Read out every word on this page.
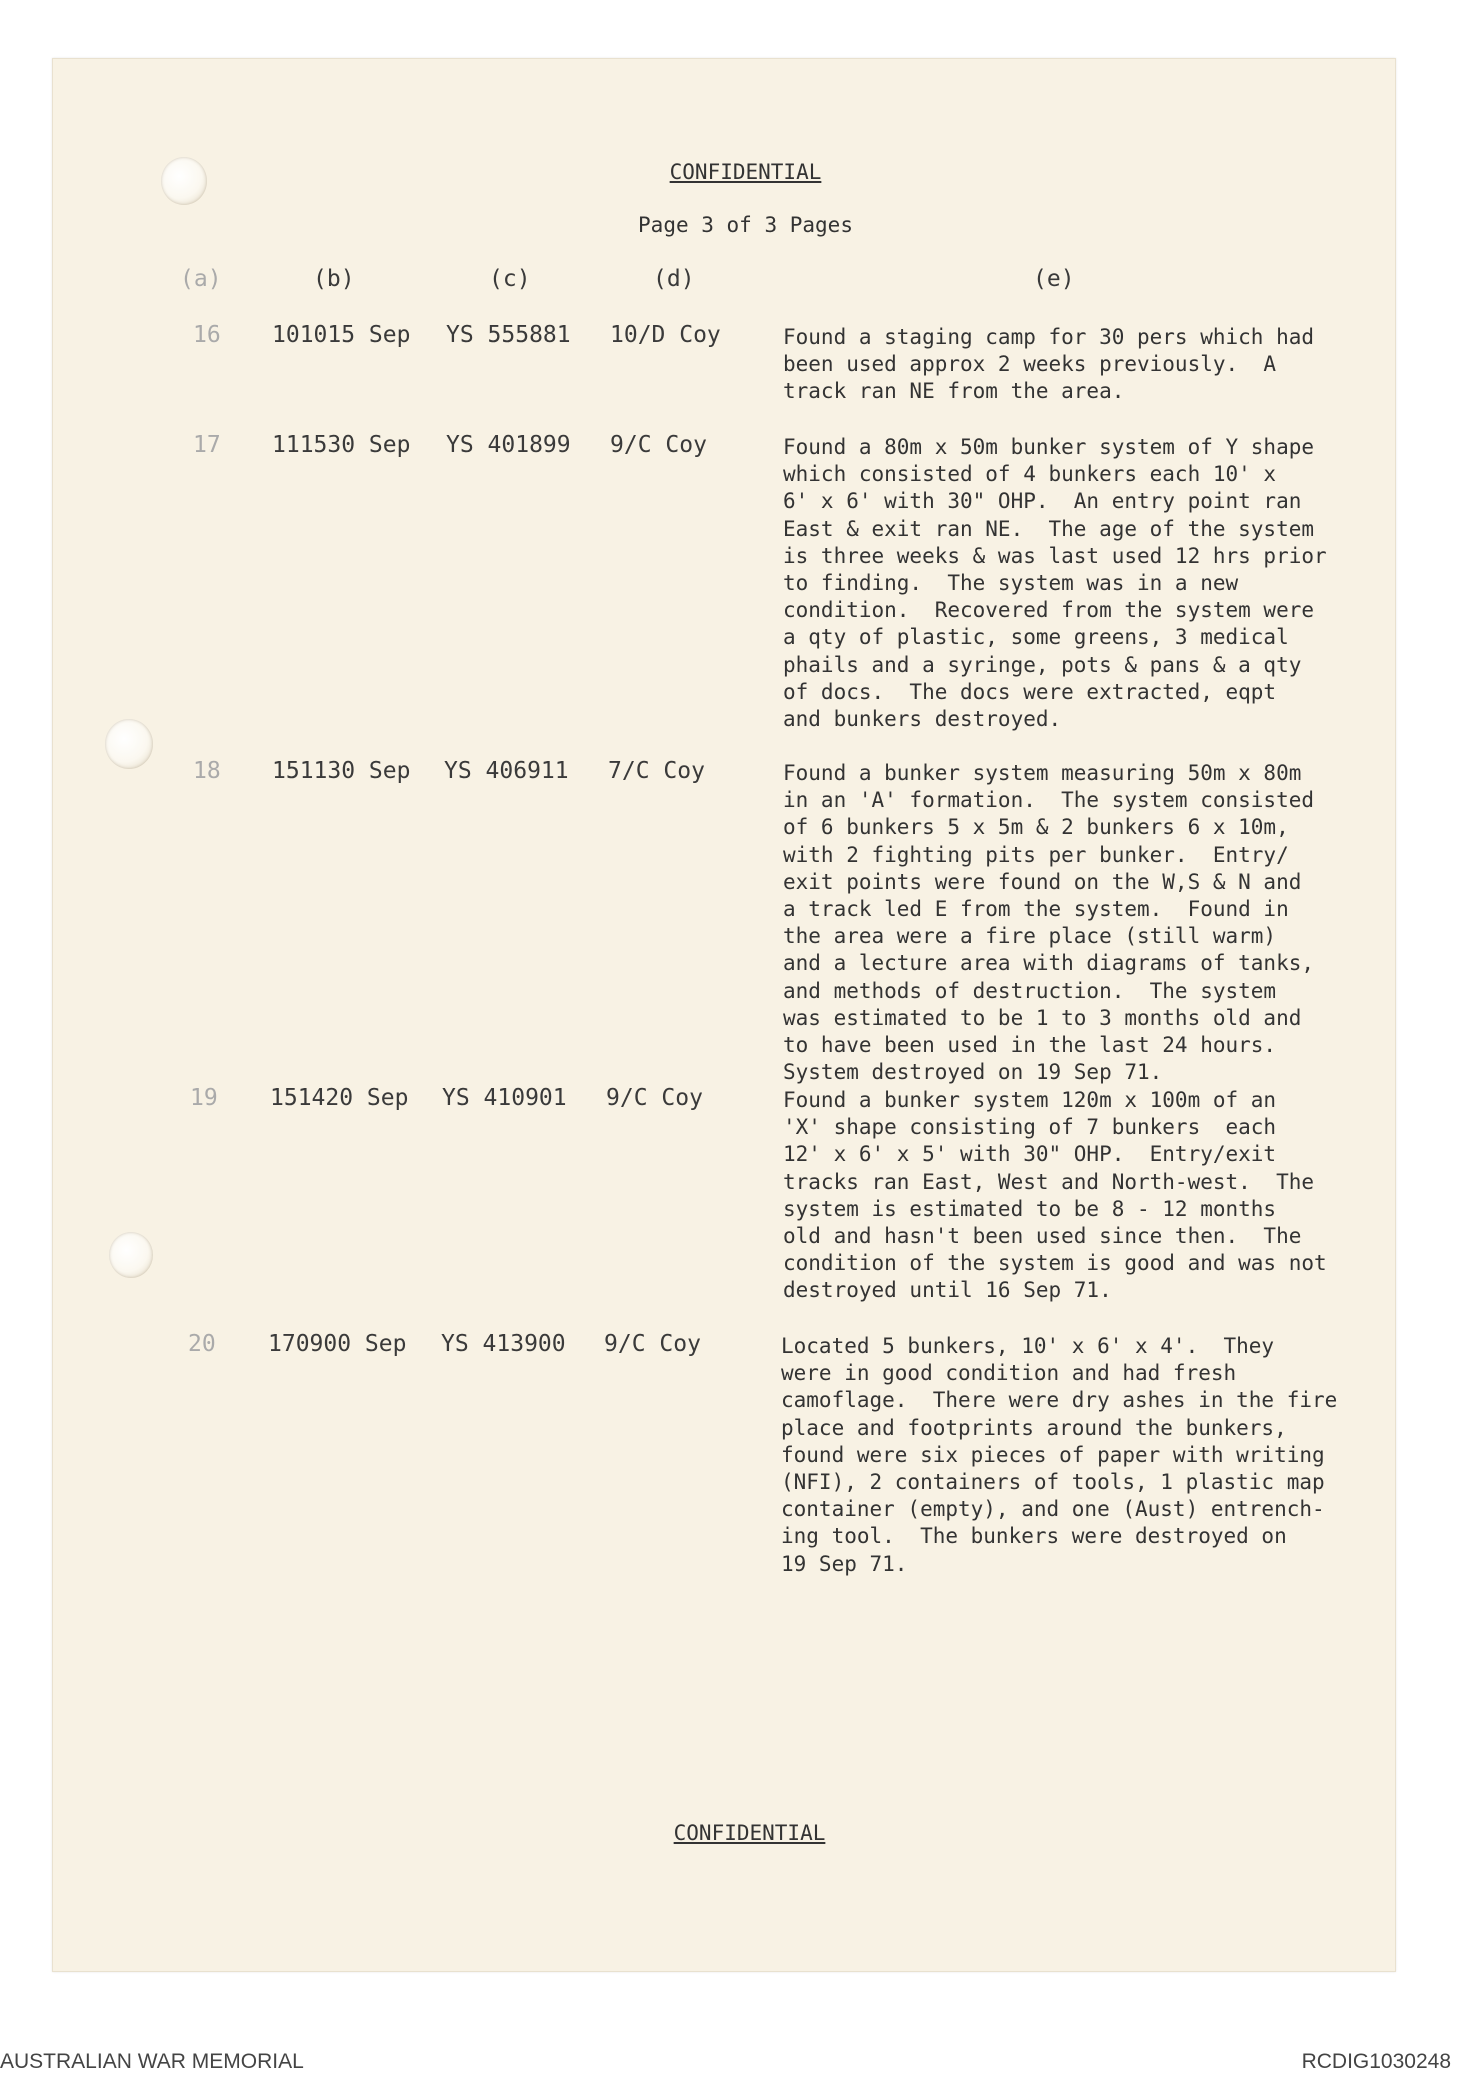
CONFIDENTIAL
Page 3 of 3 Pages
(a)	(b)	(c)	(d)	(e)
16 101015 Sep YS 555881 10/D Coy	Found a staging camp for 30 pers which had
been used approx 2 weeks previously.  A
track ran NE from the area.
17 111530 Sep YS 401899 9/C Coy	Found a 80m x 50m bunker system of Y shape
which consisted of 4 bunkers each 10' x
6' x 6' with 30" OHP.  An entry point ran
East & exit ran NE.  The age of the system
is three weeks & was last used 12 hrs prior
to finding.  The system was in a new
condition.  Recovered from the system were
a qty of plastic, some greens, 3 medical
phails and a syringe, pots & pans & a qty
of docs.  The docs were extracted, eqpt
and bunkers destroyed.
18 151130 Sep YS 406911 7/C Coy	Found a bunker system measuring 50m x 80m
in an 'A' formation.  The system consisted
of 6 bunkers 5 x 5m & 2 bunkers 6 x 10m,
with 2 fighting pits per bunker.  Entry/
exit points were found on the W,S & N and
a track led E from the system.  Found in
the area were a fire place (still warm)
and a lecture area with diagrams of tanks,
and methods of destruction.  The system
was estimated to be 1 to 3 months old and
to have been used in the last 24 hours.
System destroyed on 19 Sep 71.
19 151420 Sep YS 410901 9/C Coy	Found a bunker system 120m x 100m of an
'X' shape consisting of 7 bunkers  each
12' x 6' x 5' with 30" OHP.  Entry/exit
tracks ran East, West and North-west.  The
system is estimated to be 8 - 12 months
old and hasn't been used since then.  The
condition of the system is good and was not
destroyed until 16 Sep 71.
20 170900 Sep YS 413900 9/C Coy	Located 5 bunkers, 10' x 6' x 4'.  They
were in good condition and had fresh
camoflage.  There were dry ashes in the fire
place and footprints around the bunkers,
found were six pieces of paper with writing
(NFI), 2 containers of tools, 1 plastic map
container (empty), and one (Aust) entrench-
ing tool.  The bunkers were destroyed on
19 Sep 71.
CONFIDENTIAL
AUSTRALIAN WAR MEMORIAL	RCDIG1030248
